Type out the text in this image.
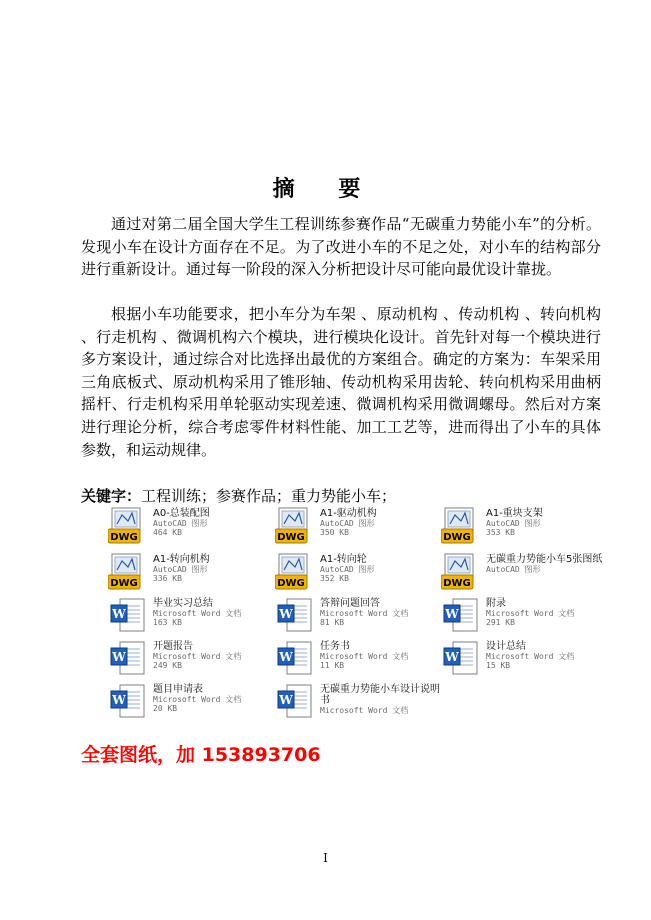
摘 要

通过对第二届全国大学生工程训练参赛作品“无碳重力势能小车”的分析。发现小车在设计方面存在不足。为了改进小车的不足之处，对小车的结构部分进行重新设计。通过每一阶段的深入分析把设计尽可能向最优设计靠拢。

根据小车功能要求，把小车分为车架 、原动机构 、传动机构 、转向机构 、行走机构 、微调机构六个模块，进行模块化设计。首先针对每一个模块进行多方案设计，通过综合对比选择出最优的方案组合。确定的方案为：车架采用三角底板式、原动机构采用了锥形轴、传动机构采用齿轮、转向机构采用曲柄摇杆、行走机构采用单轮驱动实现差速、微调机构采用微调螺母。然后对方案进行理论分析，综合考虑零件材料性能、加工工艺等，进而得出了小车的具体参数，和运动规律。

关键字：工程训练；参赛作品；重力势能小车；
DWG
A0-总装配图
AutoCAD 图形
464 KB	DWG
A1-驱动机构
AutoCAD 图形
350 KB	DWG
A1-重块支架
AutoCAD 图形
353 KB
DWG
A1-转向机构
AutoCAD 图形
336 KB	DWG
A1-转向轮
AutoCAD 图形
352 KB	DWG
无碳重力势能小车5张图纸
AutoCAD 图形
W
毕业实习总结
Microsoft Word 文档
163 KB
W
答辩问题回答
Microsoft Word 文档
81 KB
W
附录
Microsoft Word 文档
291 KB
W
开题报告
Microsoft Word 文档
249 KB
W
任务书
Microsoft Word 文档
11 KB
W
设计总结
Microsoft Word 文档
15 KB
W
题目申请表
Microsoft Word 文档
20 KB
W
无碳重力势能小车设计说明书
Microsoft Word 文档
全套图纸，加 153893706
I
